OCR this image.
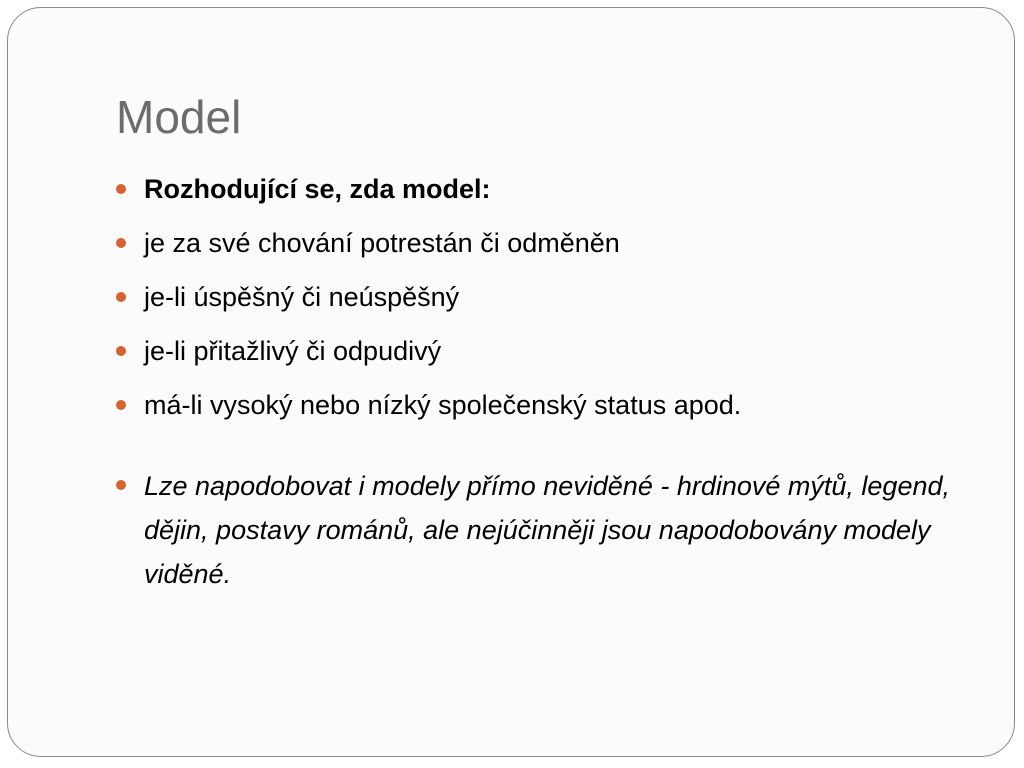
Model
Rozhodující se, zda model:
je za své chování potrestán či odměněn
je-li úspěšný či neúspěšný
je-li přitažlivý či odpudivý
má-li vysoký nebo nízký společenský status apod.
Lze napodobovat i modely přímo neviděné - hrdinové mýtů, legend, dějin, postavy románů, ale nejúčinněji jsou napodobovány modely viděné.
